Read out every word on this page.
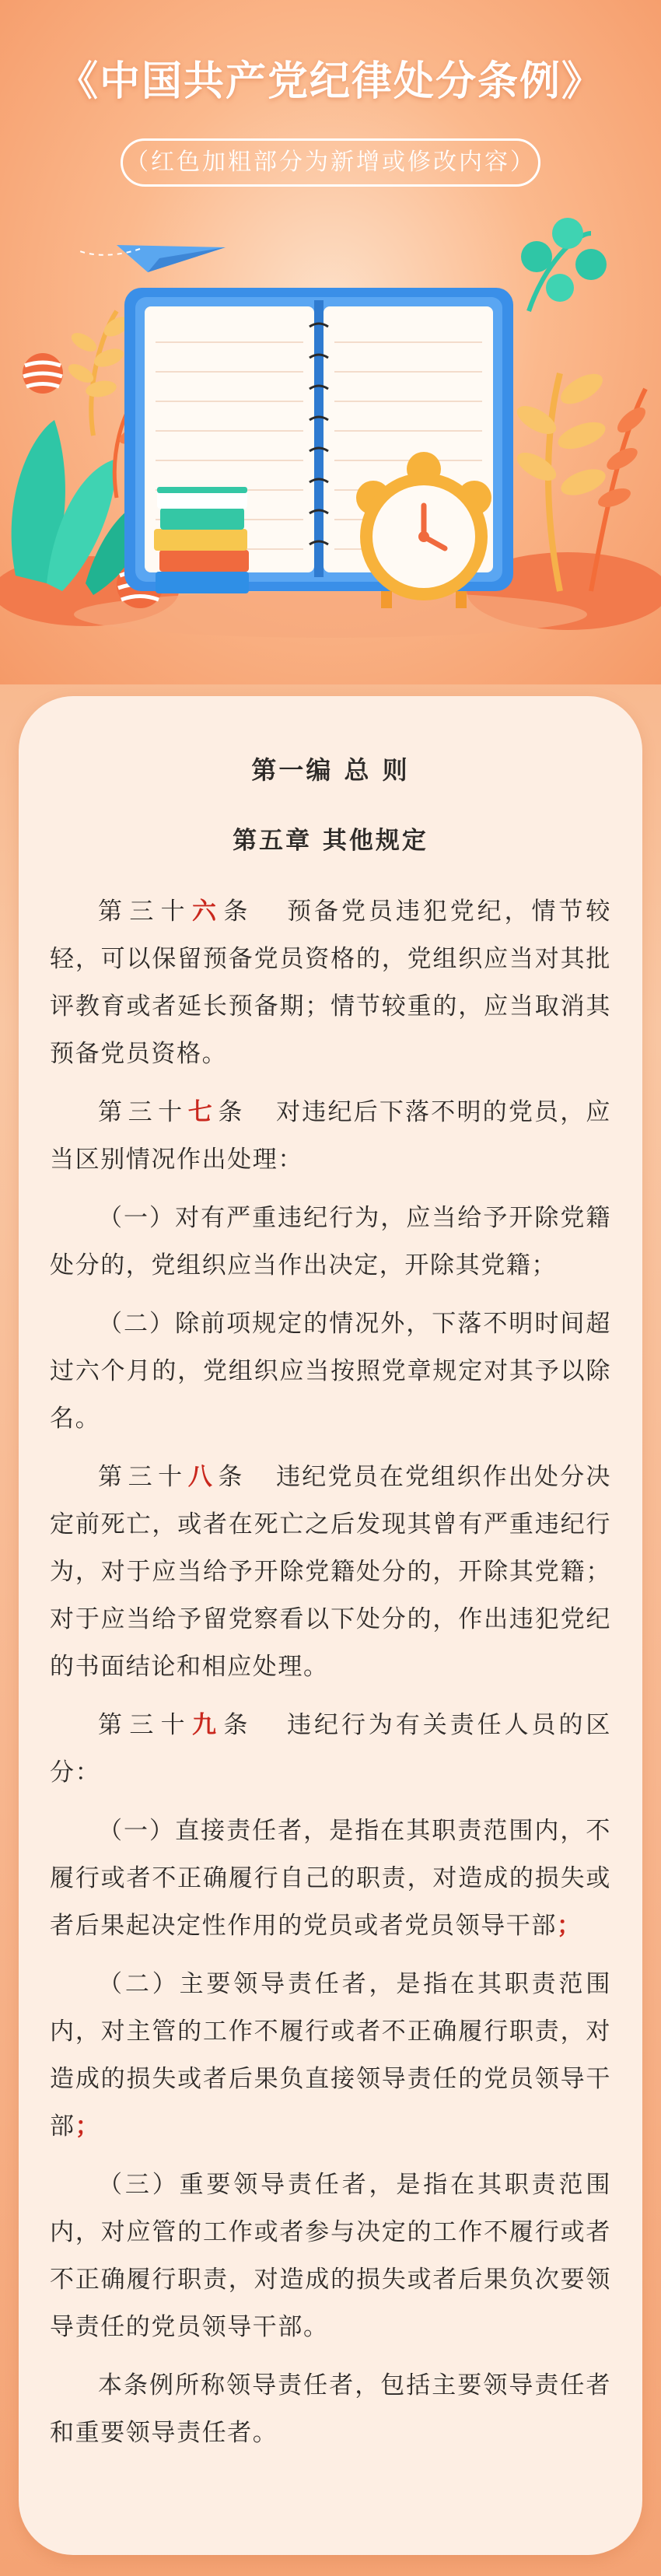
《中国共产党纪律处分条例》
（红色加粗部分为新增或修改内容）
第一编 总 则
第五章 其他规定

第三十六条 预备党员违犯党纪，情节较轻，可以保留预备党员资格的，党组织应当对其批评教育或者延长预备期；情节较重的，应当取消其预备党员资格。

第三十七条 对违纪后下落不明的党员，应当区别情况作出处理：

（一）对有严重违纪行为，应当给予开除党籍处分的，党组织应当作出决定，开除其党籍；

（二）除前项规定的情况外，下落不明时间超过六个月的，党组织应当按照党章规定对其予以除名。

第三十八条 违纪党员在党组织作出处分决定前死亡，或者在死亡之后发现其曾有严重违纪行为，对于应当给予开除党籍处分的，开除其党籍；对于应当给予留党察看以下处分的，作出违犯党纪的书面结论和相应处理。

第三十九条 违纪行为有关责任人员的区分：

（一）直接责任者，是指在其职责范围内，不履行或者不正确履行自己的职责，对造成的损失或者后果起决定性作用的党员或者党员领导干部；

（二）主要领导责任者，是指在其职责范围内，对主管的工作不履行或者不正确履行职责，对造成的损失或者后果负直接领导责任的党员领导干部；

（三）重要领导责任者，是指在其职责范围内，对应管的工作或者参与决定的工作不履行或者不正确履行职责，对造成的损失或者后果负次要领导责任的党员领导干部。

本条例所称领导责任者，包括主要领导责任者和重要领导责任者。
